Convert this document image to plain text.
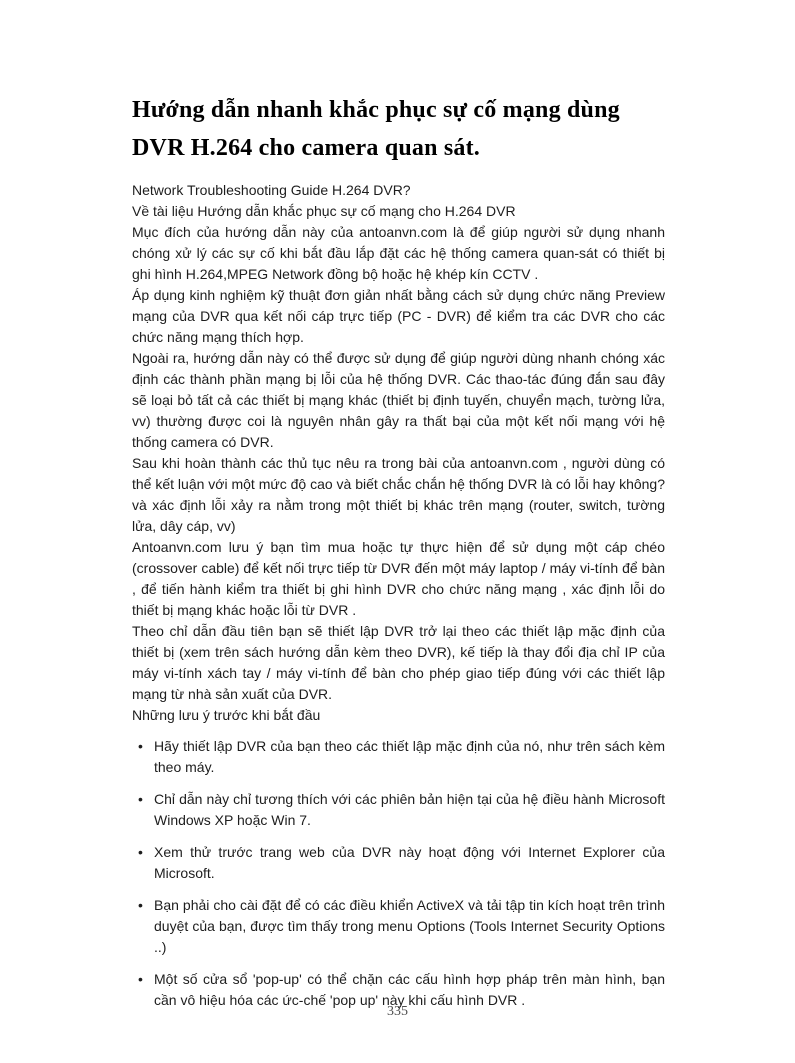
Hướng dẫn nhanh khắc phục sự cố mạng dùng DVR H.264 cho camera quan sát.

Network Troubleshooting Guide H.264 DVR?

Về tài liệu Hướng dẫn khắc phục sự cố mạng cho H.264 DVR

Mục đích của hướng dẫn này của antoanvn.com là để giúp người sử dụng nhanh chóng xử lý các sự cố khi bắt đầu lắp đặt các hệ thống camera quan-sát có thiết bị ghi hình H.264,MPEG Network đồng bộ hoặc hệ khép kín CCTV .

Áp dụng kinh nghiệm kỹ thuật đơn giản nhất bằng cách sử dụng chức năng Preview mạng của DVR qua kết nối cáp trực tiếp (PC - DVR) để kiểm tra các DVR cho các chức năng mạng thích hợp.

Ngoài ra, hướng dẫn này có thể được sử dụng để giúp người dùng nhanh chóng xác định các thành phần mạng bị lỗi của hệ thống DVR. Các thao-tác đúng đắn sau đây sẽ loại bỏ tất cả các thiết bị mạng khác (thiết bị định tuyến, chuyển mạch, tường lửa, vv) thường được coi là nguyên nhân gây ra thất bại của một kết nối mạng với hệ thống camera có DVR.

Sau khi hoàn thành các thủ tục nêu ra trong bài của antoanvn.com , người dùng có thể kết luận với một mức độ cao và biết chắc chắn hệ thống DVR là có lỗi hay không? và xác định lỗi xảy ra nằm trong một thiết bị khác trên mạng (router, switch, tường lửa, dây cáp, vv)

Antoanvn.com lưu ý bạn tìm mua hoặc tự thực hiện để sử dụng một cáp chéo (crossover cable) để kết nối trực tiếp từ DVR đến một máy laptop / máy vi-tính để bàn , để tiến hành kiểm tra thiết bị ghi hình DVR cho chức năng mạng , xác định lỗi do thiết bị mạng khác hoặc lỗi từ DVR .

Theo chỉ dẫn đầu tiên bạn sẽ thiết lập DVR trở lại theo các thiết lập mặc định của thiết bị (xem trên sách hướng dẫn kèm theo DVR), kế tiếp là thay đổi địa chỉ IP của máy vi-tính xách tay / máy vi-tính để bàn cho phép giao tiếp đúng với các thiết lập mạng từ nhà sản xuất của DVR.

Những lưu ý trước khi bắt đầu

• Hãy thiết lập DVR của bạn theo các thiết lập mặc định của nó, như trên sách kèm theo máy.
• Chỉ dẫn này chỉ tương thích với các phiên bản hiện tại của hệ điều hành Microsoft Windows XP hoặc Win 7.
• Xem thử trước trang web của DVR này hoạt động với Internet Explorer của Microsoft.
• Bạn phải cho cài đặt để có các điều khiển ActiveX và tải tập tin kích hoạt trên trình duyệt của bạn, được tìm thấy trong menu Options (Tools Internet Security Options ..)
• Một số cửa sổ 'pop-up' có thể chặn các cấu hình hợp pháp trên màn hình, bạn cần vô hiệu hóa các ức-chế 'pop up' này khi cấu hình DVR .
335
